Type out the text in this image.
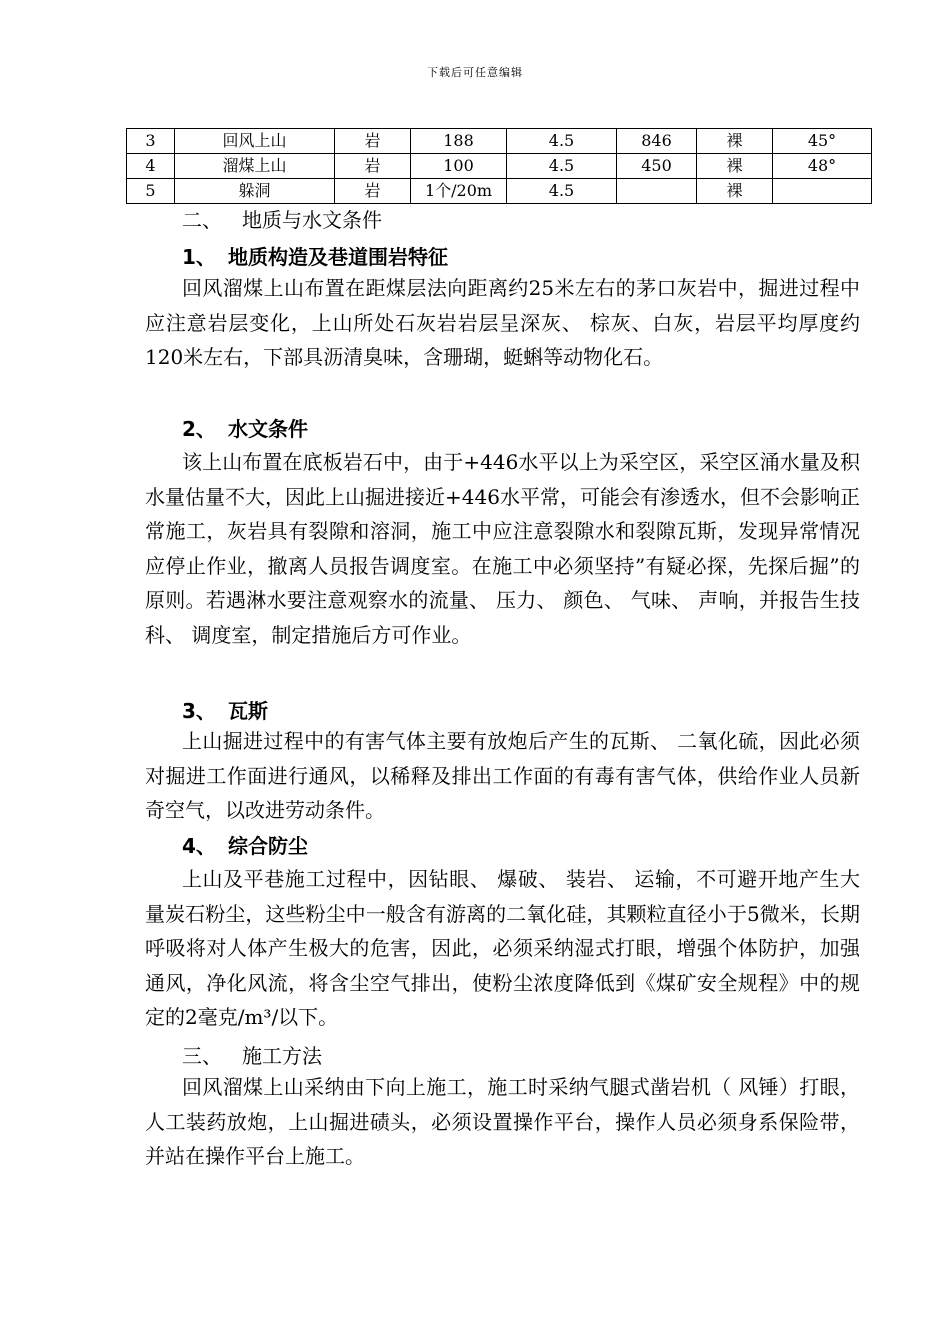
下载后可任意编辑
3	回风上山	岩	188	4.5	846	裸	45°
4	溜煤上山	岩	100	4.5	450	裸	48°
5	躲洞	岩	1个/20m	4.5		裸	
二、 地质与水文条件
1、 地质构造及巷道围岩特征
回风溜煤上山布置在距煤层法向距离约25米左右的茅口灰岩中，掘进过程中应注意岩层变化，上山所处石灰岩岩层呈深灰、 棕灰、白灰，岩层平均厚度约120米左右，下部具沥清臭味，含珊瑚，蜓蝌等动物化石。
2、 水文条件
该上山布置在底板岩石中，由于+446水平以上为采空区，采空区涌水量及积水量估量不大，因此上山掘进接近+446水平常，可能会有渗透水，但不会影响正常施工，灰岩具有裂隙和溶洞，施工中应注意裂隙水和裂隙瓦斯，发现异常情况应停止作业，撤离人员报告调度室。在施工中必须坚持”有疑必探，先探后掘”的原则。若遇淋水要注意观察水的流量、 压力、 颜色、 气味、 声响，并报告生技科、 调度室，制定措施后方可作业。
3、 瓦斯
上山掘进过程中的有害气体主要有放炮后产生的瓦斯、 二氧化硫，因此必须对掘进工作面进行通风，以稀释及排出工作面的有毒有害气体，供给作业人员新奇空气，以改进劳动条件。
4、 综合防尘
上山及平巷施工过程中，因钻眼、 爆破、 装岩、 运输，不可避开地产生大量炭石粉尘，这些粉尘中一般含有游离的二氧化硅，其颗粒直径小于5微米，长期呼吸将对人体产生极大的危害，因此，必须采纳湿式打眼，增强个体防护，加强通风，净化风流，将含尘空气排出，使粉尘浓度降低到《煤矿安全规程》中的规定的2毫克/m³/以下。
三、 施工方法
回风溜煤上山采纳由下向上施工，施工时采纳气腿式凿岩机（ 风锤）打眼，人工装药放炮，上山掘进碛头，必须设置操作平台，操作人员必须身系保险带，并站在操作平台上施工。
